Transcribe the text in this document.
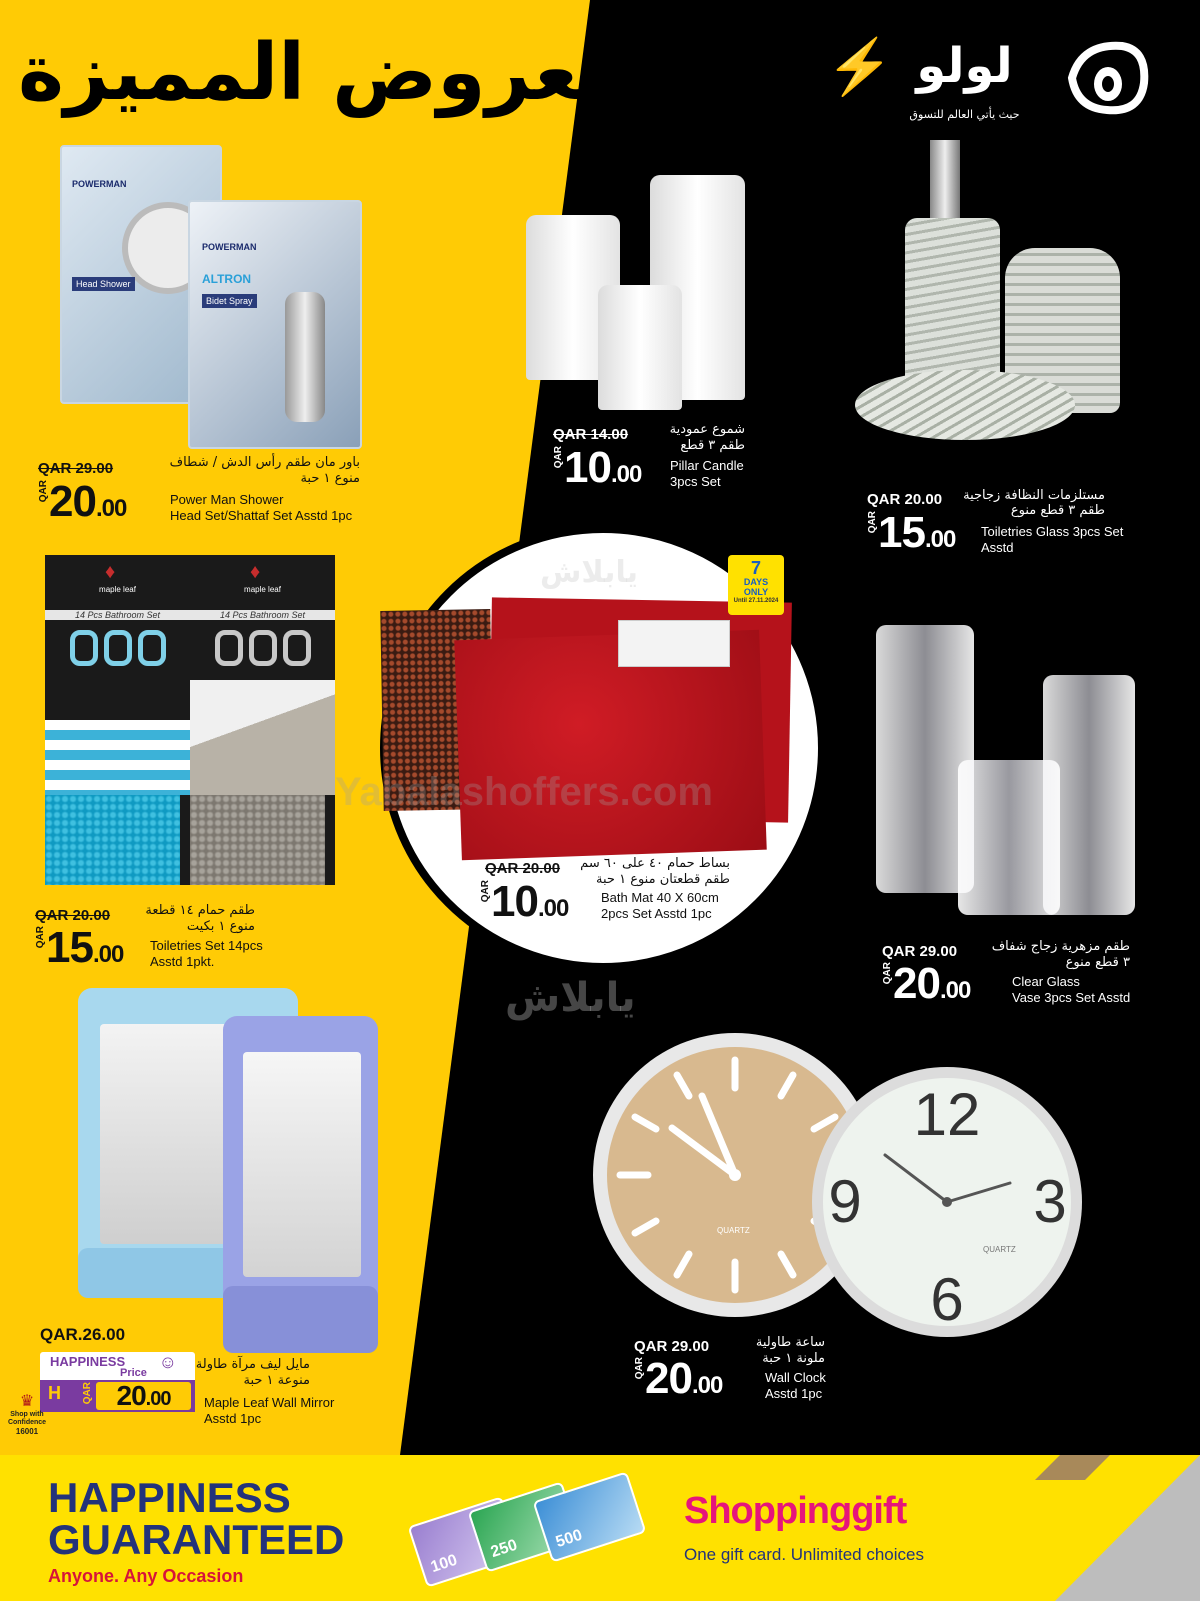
العروض المميزة	⚡ لولو
حيث يأتي العالم للتسوق
POWERMAN
Head Shower
POWERMAN
ALTRON
Bidet Spray
QAR 29.00
QAR20.00
باور مان طقم رأس الدش / شطاف
منوع ١ حبة
Power Man Shower
Head Set/Shattaf Set Asstd 1pc
QAR 14.00
QAR10.00
شموع عمودية
طقم ٣ قطع
Pillar Candle
3pcs Set
QAR 20.00
QAR15.00
مستلزمات النظافة زجاجية
طقم ٣ قطع منوع
Toiletries Glass 3pcs Set
Asstd
♦
maple leaf
14 Pcs Bathroom Set
♦
maple leaf
14 Pcs Bathroom Set
QAR 20.00
QAR15.00
طقم حمام ١٤ قطعة
منوع ١ بكيت
Toiletries Set 14pcs
Asstd 1pkt.
7
DAYS
ONLY
Until 27.11.2024
QAR 20.00
QAR10.00
بساط حمام ٤٠ على ٦٠ سم
طقم قطعتان منوع ١ حبة
Bath Mat 40 X 60cm
2pcs Set Asstd 1pc
Yabalashoffers.com
يابلاش
يابلاش
QAR 29.00
QAR20.00
طقم مزهرية زجاج شفاف
٣ قطع منوع
Clear Glass
Vase 3pcs Set Asstd
QAR.26.00
HAPPINESS
Price
☺
H QAR 20.00
مايل ليف مرآة طاولة
منوعة ١ حبة
Maple Leaf Wall Mirror
Asstd 1pc
♛
Shop with
Confidence
16001
12
3
6
9
QUARTZ
QUARTZ
QAR 29.00
QAR20.00
ساعة طاولية
ملونة ١ حبة
Wall Clock
Asstd 1pc
HAPPINESS
GUARANTEED
Anyone. Any Occasion	100
250 500
Shoppinggift
One gift card. Unlimited choices
